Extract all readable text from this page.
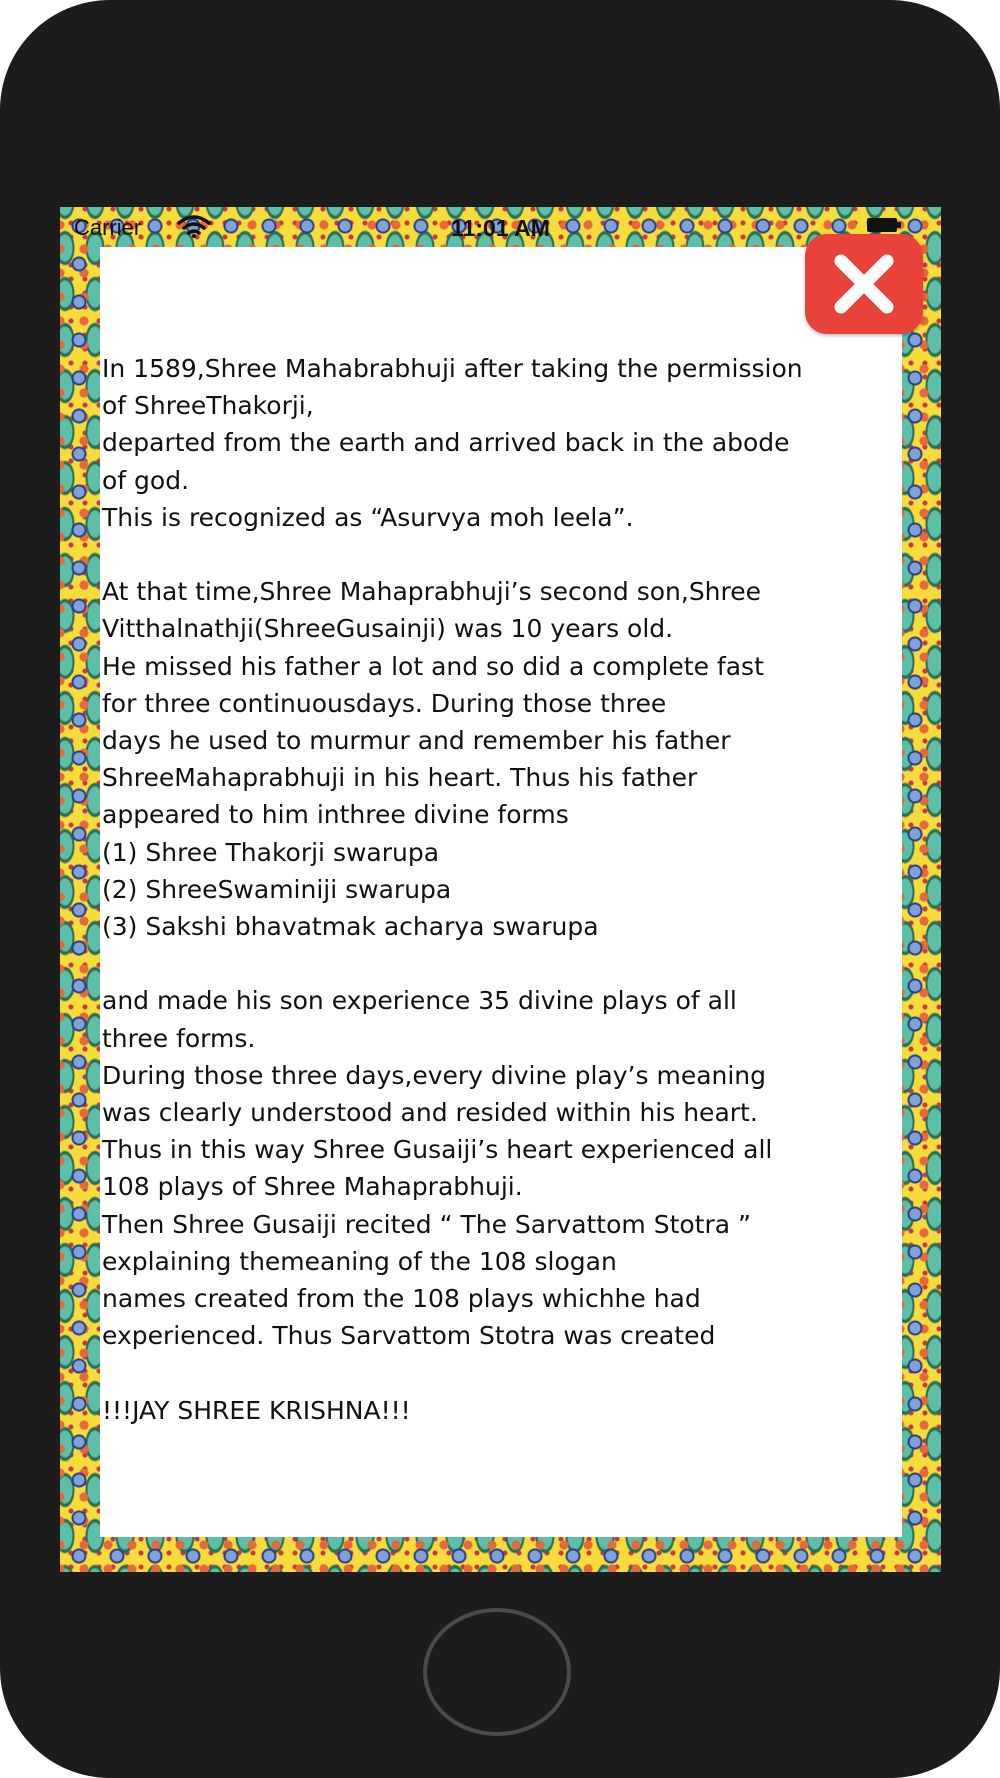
Carrier	11:01 AM
In 1589,Shree Mahabrabhuji after taking the permission
of ShreeThakorji,
departed from the earth and arrived back in the abode
of god.
This is recognized as “Asurvya moh leela”.

At that time,Shree Mahaprabhuji’s second son,Shree
Vitthalnathji(ShreeGusainji) was 10 years old.
He missed his father a lot and so did a complete fast
for three continuousdays. During those three
days he used to murmur and remember his father
ShreeMahaprabhuji in his heart. Thus his father
appeared to him inthree divine forms
(1) Shree Thakorji swarupa
(2) ShreeSwaminiji swarupa
(3) Sakshi bhavatmak acharya swarupa

and made his son experience 35 divine plays of all
three forms.
During those three days,every divine play’s meaning
was clearly understood and resided within his heart.
Thus in this way Shree Gusaiji’s heart experienced all
108 plays of Shree Mahaprabhuji.
Then Shree Gusaiji recited “ The Sarvattom Stotra ”
explaining themeaning of the 108 slogan
names created from the 108 plays whichhe had
experienced. Thus Sarvattom Stotra was created

!!!JAY SHREE KRISHNA!!!
